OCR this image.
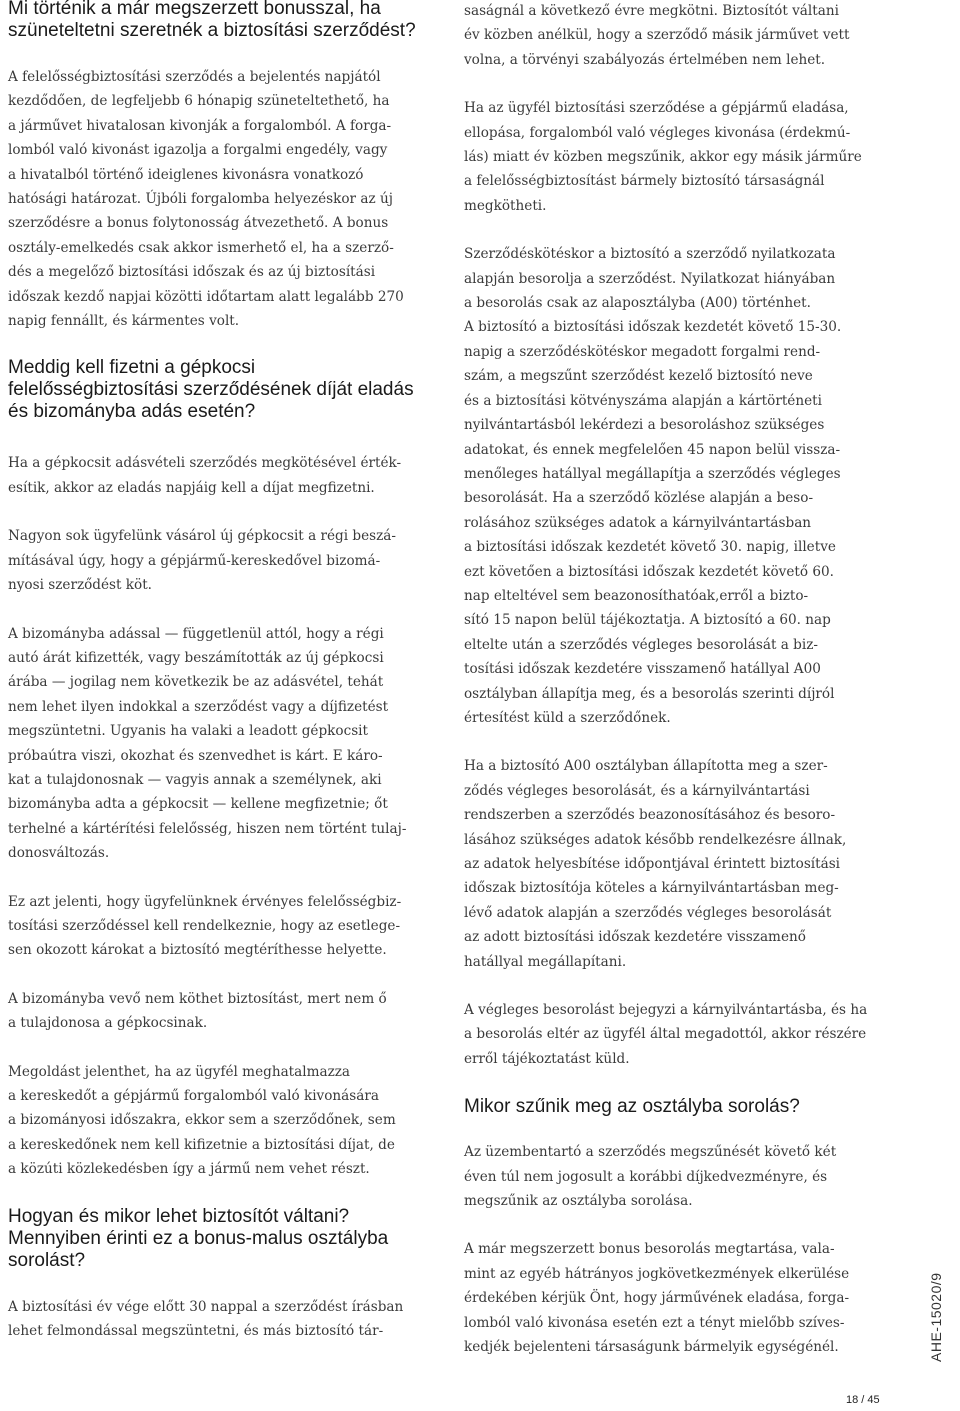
Mi történik a már megszerzett bonusszal, ha szüneteltetni szeretnék a biztosítási szerződést?

A felelősségbiztosítási szerződés a bejelentés napjától
kezdődően, de legfeljebb 6 hónapig szüneteltethető, ha
a járművet hivatalosan kivonják a forgalomból. A forga-
lomból való kivonást igazolja a forgalmi engedély, vagy
a hivatalból történő ideiglenes kivonásra vonatkozó
hatósági határozat. Újbóli forgalomba helyezéskor az új
szerződésre a bonus folytonosság átvezethető. A bonus
osztály-emelkedés csak akkor ismerhető el, ha a szerző-
dés a megelőző biztosítási időszak és az új biztosítási
időszak kezdő napjai közötti időtartam alatt legalább 270
napig fennállt, és kármentes volt.

Meddig kell fizetni a gépkocsi felelősségbiztosítási szerződésének díját eladás és bizományba adás esetén?

Ha a gépkocsit adásvételi szerződés megkötésével érték-
esítik, akkor az eladás napjáig kell a díjat megfizetni.

Nagyon sok ügyfelünk vásárol új gépkocsit a régi beszá-
mításával úgy, hogy a gépjármű-kereskedővel bizomá-
nyosi szerződést köt.

A bizományba adással — függetlenül attól, hogy a régi
autó árát kifizették, vagy beszámították az új gépkocsi
árába — jogilag nem következik be az adásvétel, tehát
nem lehet ilyen indokkal a szerződést vagy a díjfizetést
megszüntetni. Ugyanis ha valaki a leadott gépkocsit
próbaútra viszi, okozhat és szenvedhet is kárt. E káro-
kat a tulajdonosnak — vagyis annak a személynek, aki
bizományba adta a gépkocsit — kellene megfizetnie; őt
terhelné a kártérítési felelősség, hiszen nem történt tulaj-
donosváltozás.

Ez azt jelenti, hogy ügyfelünknek érvényes felelősségbiz-
tosítási szerződéssel kell rendelkeznie, hogy az esetlege-
sen okozott károkat a biztosító megtéríthesse helyette.

A bizományba vevő nem köthet biztosítást, mert nem ő
a tulajdonosa a gépkocsinak.

Megoldást jelenthet, ha az ügyfél meghatalmazza
a kereskedőt a gépjármű forgalomból való kivonására
a bizományosi időszakra, ekkor sem a szerződőnek, sem
a kereskedőnek nem kell kifizetnie a biztosítási díjat, de
a közúti közlekedésben így a jármű nem vehet részt.

Hogyan és mikor lehet biztosítót váltani? Mennyiben érinti ez a bonus-malus osztályba sorolást?

A biztosítási év vége előtt 30 nappal a szerződést írásban
lehet felmondással megszüntetni, és más biztosító tár-

saságnál a következő évre megkötni. Biztosítót váltani
év közben anélkül, hogy a szerződő másik járművet vett
volna, a törvényi szabályozás értelmében nem lehet.

Ha az ügyfél biztosítási szerződése a gépjármű eladása,
ellopása, forgalomból való végleges kivonása (érdekmú-
lás) miatt év közben megszűnik, akkor egy másik járműre
a felelősségbiztosítást bármely biztosító társaságnál
megkötheti.

Szerződéskötéskor a biztosító a szerződő nyilatkozata
alapján besorolja a szerződést. Nyilatkozat hiányában
a besorolás csak az alaposztályba (A00) történhet.
A biztosító a biztosítási időszak kezdetét követő 15-30.
napig a szerződéskötéskor megadott forgalmi rend-
szám, a megszűnt szerződést kezelő biztosító neve
és a biztosítási kötvényszáma alapján a kártörténeti
nyilvántartásból lekérdezi a besoroláshoz szükséges
adatokat, és ennek megfelelően 45 napon belül vissza-
menőleges hatállyal megállapítja a szerződés végleges
besorolását. Ha a szerződő közlése alapján a beso-
rolásához szükséges adatok a kárnyilvántartásban
a biztosítási időszak kezdetét követő 30. napig, illetve
ezt követően a biztosítási időszak kezdetét követő 60.
nap elteltével sem beazonosíthatóak,erről a bizto-
sító 15 napon belül tájékoztatja. A biztosító a 60. nap
eltelte után a szerződés végleges besorolását a biz-
tosítási időszak kezdetére visszamenő hatállyal A00
osztályban állapítja meg, és a besorolás szerinti díjról
értesítést küld a szerződőnek.

Ha a biztosító A00 osztályban állapította meg a szer-
ződés végleges besorolását, és a kárnyilvántartási
rendszerben a szerződés beazonosításához és besoro-
lásához szükséges adatok később rendelkezésre állnak,
az adatok helyesbítése időpontjával érintett biztosítási
időszak biztosítója köteles a kárnyilvántartásban meg-
lévő adatok alapján a szerződés végleges besorolását
az adott biztosítási időszak kezdetére visszamenő
hatállyal megállapítani.

A végleges besorolást bejegyzi a kárnyilvántartásba, és ha
a besorolás eltér az ügyfél által megadottól, akkor részére
erről tájékoztatást küld.

Mikor szűnik meg az osztályba sorolás?

Az üzembentartó a szerződés megszűnését követő két
éven túl nem jogosult a korábbi díjkedvezményre, és
megszűnik az osztályba sorolása.

A már megszerzett bonus besorolás megtartása, vala-
mint az egyéb hátrányos jogkövetkezmények elkerülése
érdekében kérjük Önt, hogy járművének eladása, forga-
lomból való kivonása esetén ezt a tényt mielőbb szíves-
kedjék bejelenteni társaságunk bármelyik egységénél.	AHE-15020/9
18 / 45
